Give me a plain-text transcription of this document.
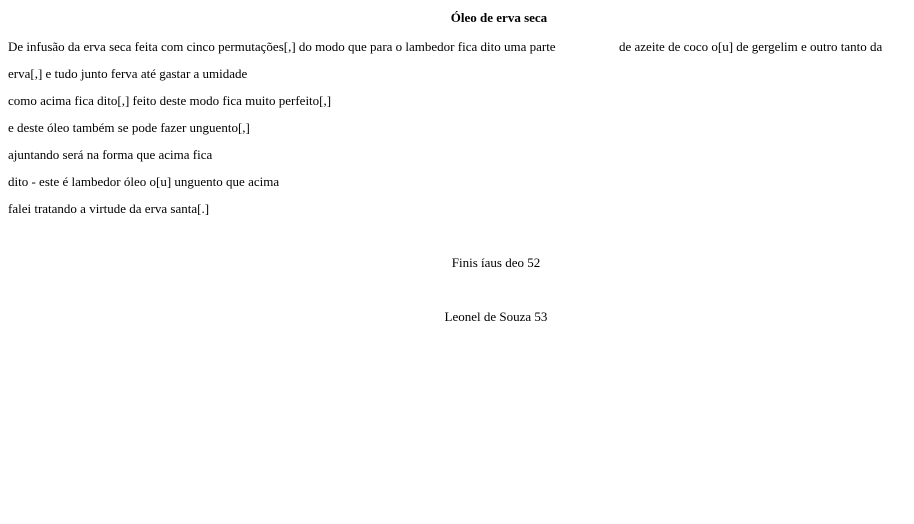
Óleo de erva seca
De infusão da erva seca feita com cinco permutações[,] do modo que para o lambedor fica dito uma parte	de azeite de coco o[u] de gergelim e outro tanto da
erva[,] e tudo junto ferva até gastar a umidade
como acima fica dito[,] feito deste modo fica muito perfeito[,]
e deste óleo também se pode fazer unguento[,]
ajuntando será na forma que acima fica
dito - este é lambedor óleo o[u] unguento que acima
falei tratando a virtude da erva santa[.]
Finis íaus deo 52
Leonel de Souza 53
